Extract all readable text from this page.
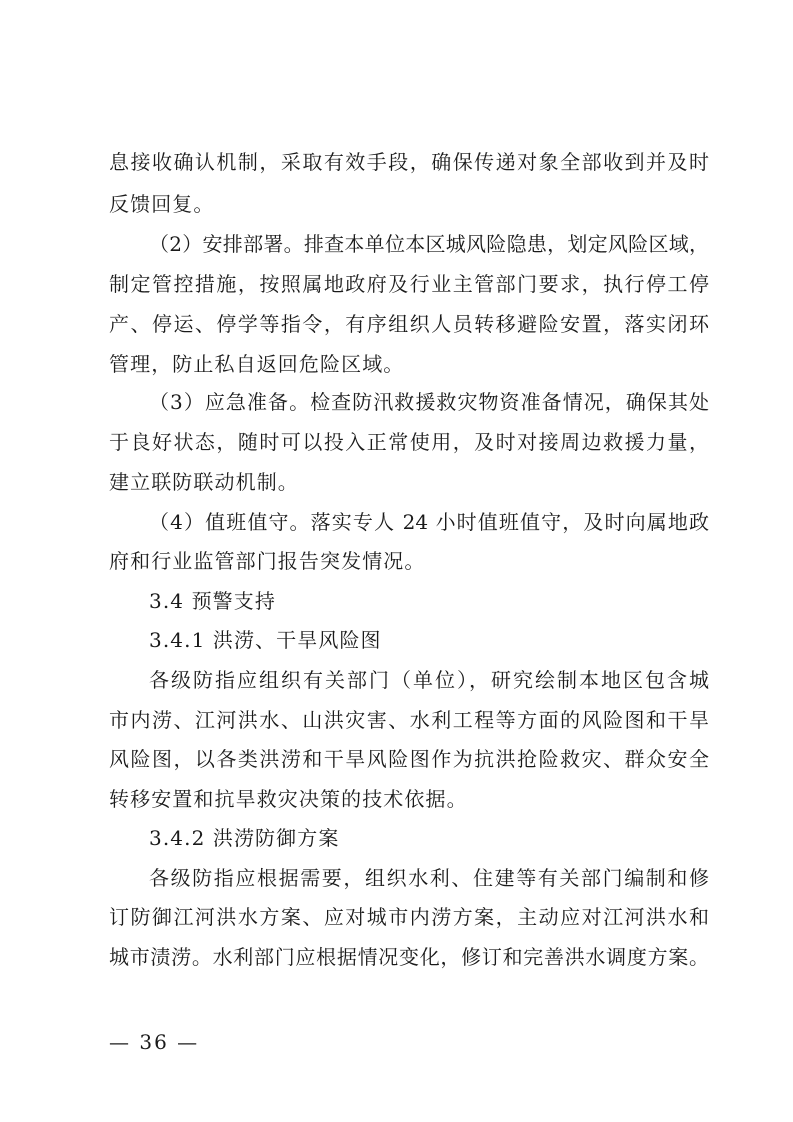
息接收确认机制，采取有效手段，确保传递对象全部收到并及时
反馈回复。
（2）安排部署。排查本单位本区城风险隐患，划定风险区域，
制定管控措施，按照属地政府及行业主管部门要求，执行停工停
产、停运、停学等指令，有序组织人员转移避险安置，落实闭环
管理，防止私自返回危险区域。
（3）应急准备。检查防汛救援救灾物资准备情况，确保其处
于良好状态，随时可以投入正常使用，及时对接周边救援力量，
建立联防联动机制。
（4）值班值守。落实专人 24 小时值班值守，及时向属地政
府和行业监管部门报告突发情况。
3.4 预警支持
3.4.1 洪涝、干旱风险图
各级防指应组织有关部门（单位），研究绘制本地区包含城
市内涝、江河洪水、山洪灾害、水利工程等方面的风险图和干旱
风险图，以各类洪涝和干旱风险图作为抗洪抢险救灾、群众安全
转移安置和抗旱救灾决策的技术依据。
3.4.2 洪涝防御方案
各级防指应根据需要，组织水利、住建等有关部门编制和修
订防御江河洪水方案、应对城市内涝方案，主动应对江河洪水和
城市渍涝。水利部门应根据情况变化，修订和完善洪水调度方案。
— 36 —
